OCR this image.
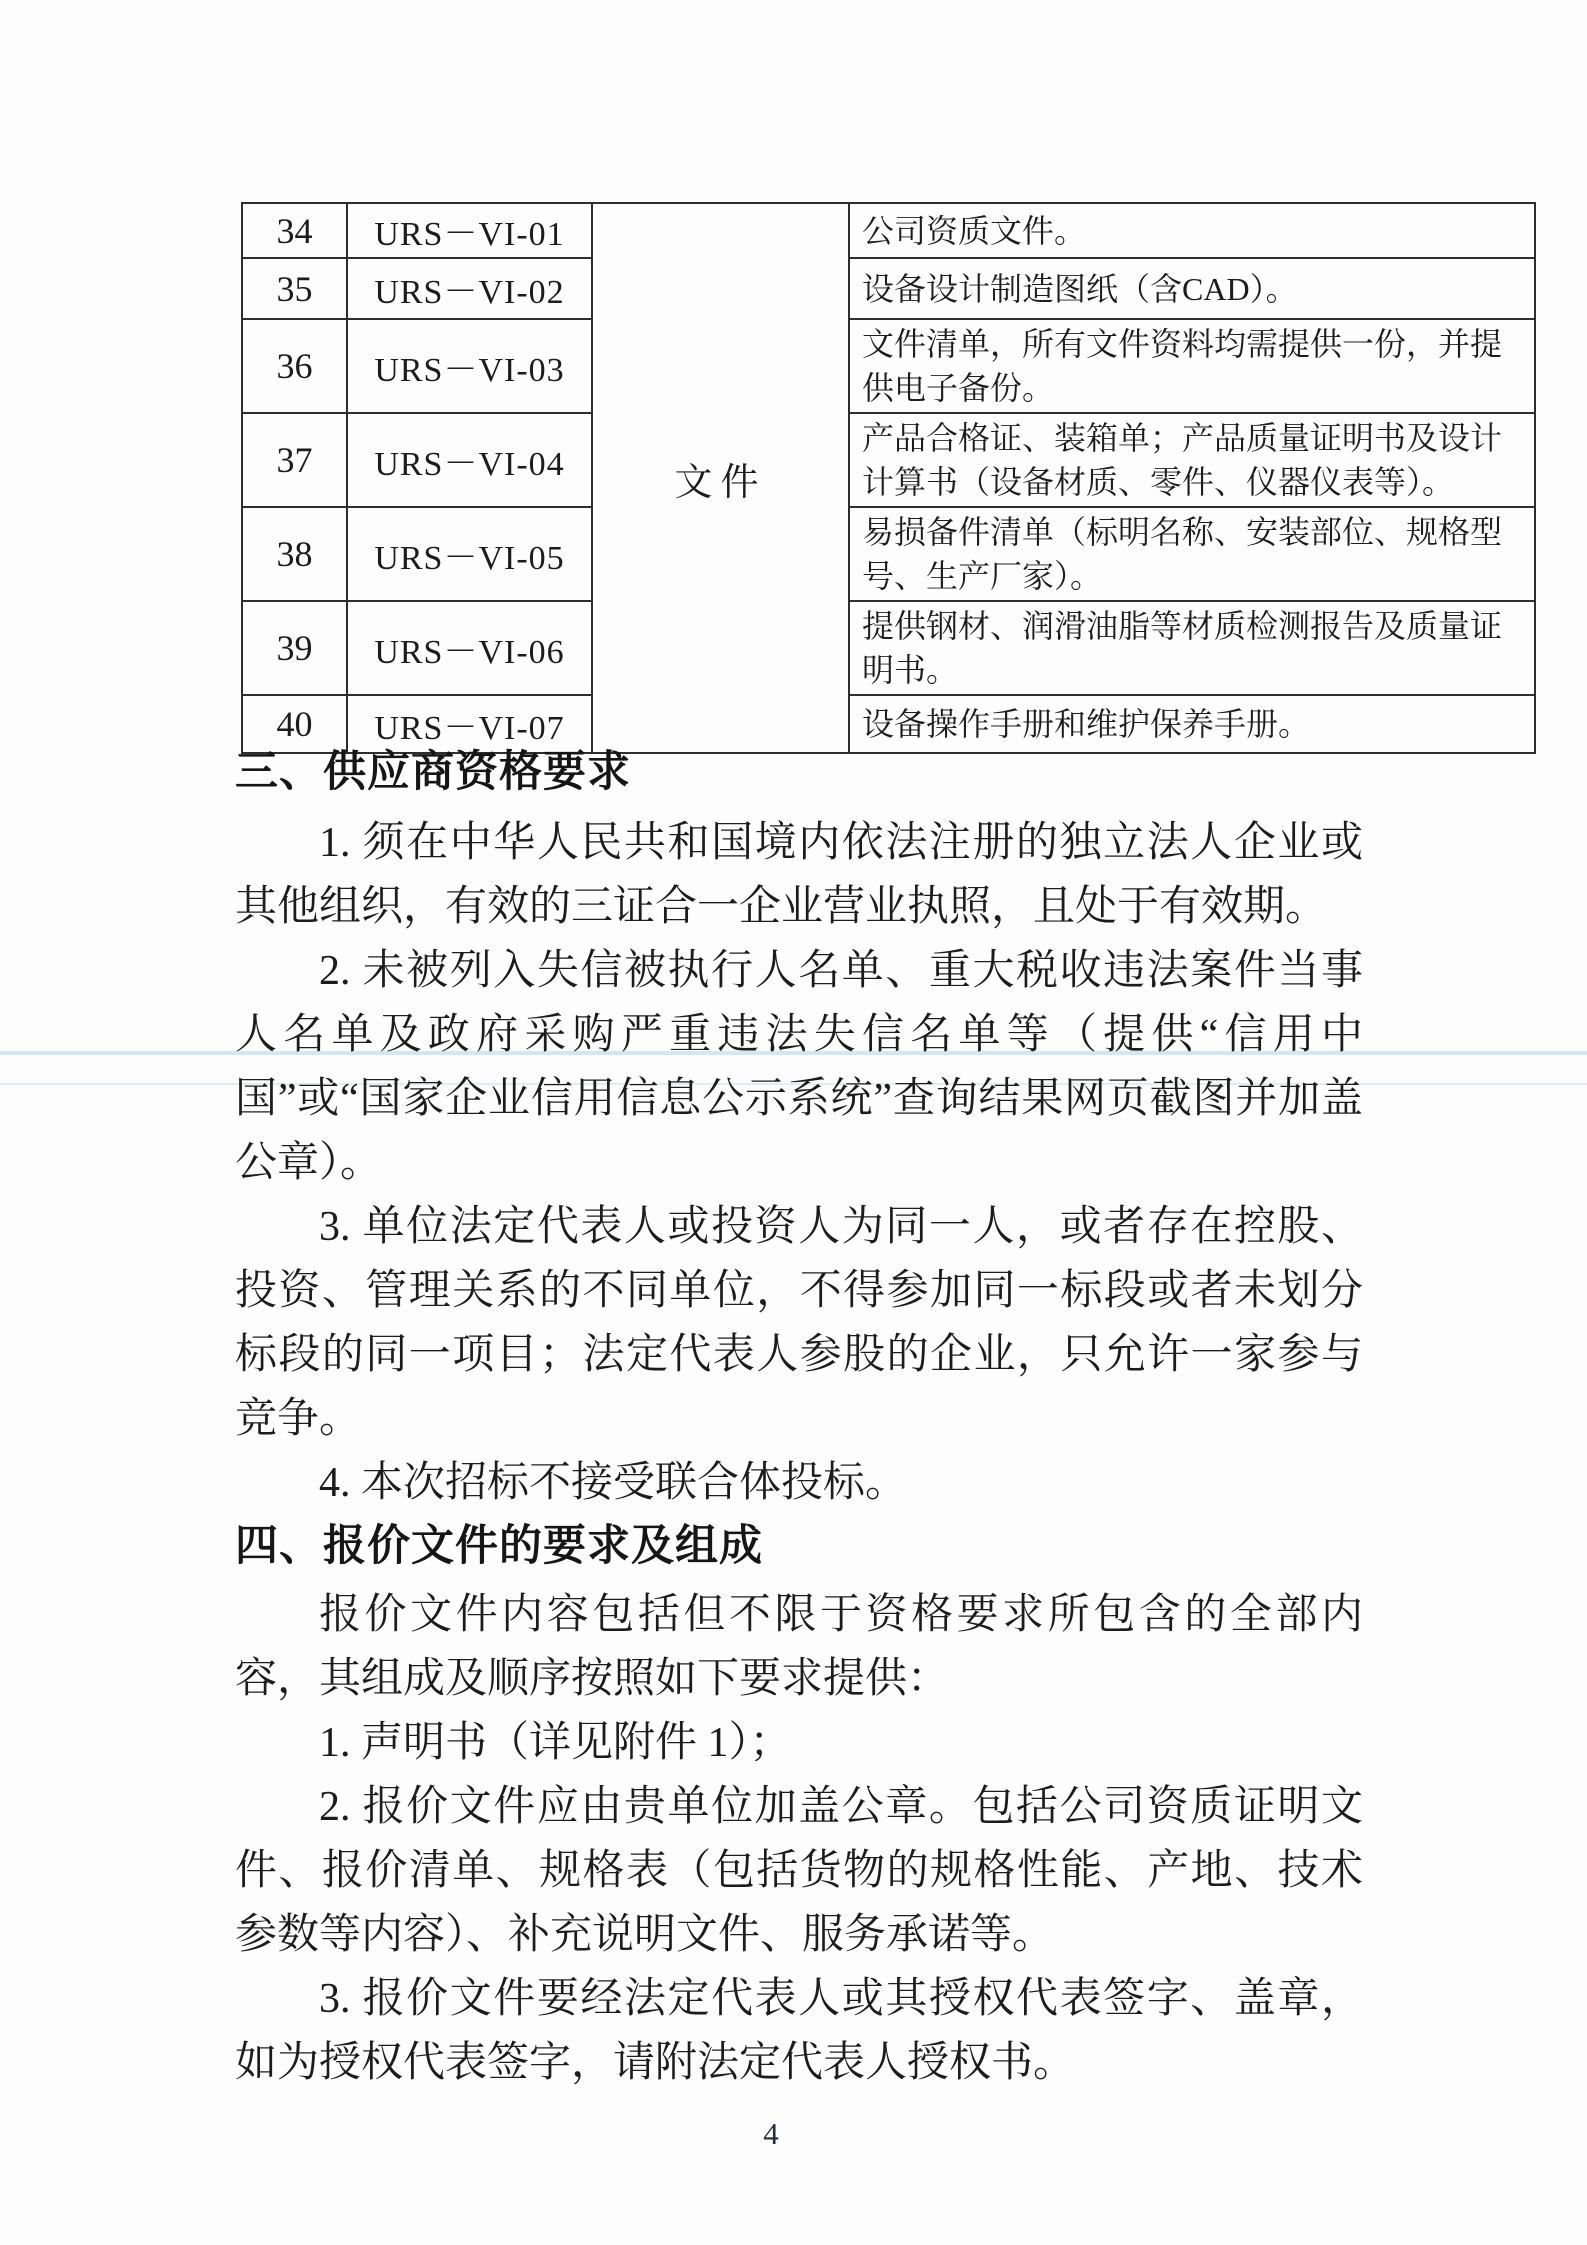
34	URS－VI-01	文件	公司资质文件。
35	URS－VI-02		设备设计制造图纸（含CAD）。
36	URS－VI-03		文件清单，所有文件资料均需提供一份，并提供电子备份。
37	URS－VI-04		产品合格证、装箱单；产品质量证明书及设计计算书（设备材质、零件、仪器仪表等）。
38	URS－VI-05		易损备件清单（标明名称、安装部位、规格型号、生产厂家）。
39	URS－VI-06		提供钢材、润滑油脂等材质检测报告及质量证明书。
40	URS－VI-07		设备操作手册和维护保养手册。
三、供应商资格要求

1. 须在中华人民共和国境内依法注册的独立法人企业或其他组织，有效的三证合一企业营业执照，且处于有效期。

2. 未被列入失信被执行人名单、重大税收违法案件当事人名单及政府采购严重违法失信名单等（提供“信用中国”或“国家企业信用信息公示系统”查询结果网页截图并加盖公章）。

3. 单位法定代表人或投资人为同一人，或者存在控股、投资、管理关系的不同单位，不得参加同一标段或者未划分标段的同一项目；法定代表人参股的企业，只允许一家参与竞争。

4. 本次招标不接受联合体投标。

四、报价文件的要求及组成

报价文件内容包括但不限于资格要求所包含的全部内容，其组成及顺序按照如下要求提供：

1. 声明书（详见附件 1）；

2. 报价文件应由贵单位加盖公章。包括公司资质证明文件、报价清单、规格表（包括货物的规格性能、产地、技术参数等内容）、补充说明文件、服务承诺等。

3. 报价文件要经法定代表人或其授权代表签字、盖章，如为授权代表签字，请附法定代表人授权书。

4
